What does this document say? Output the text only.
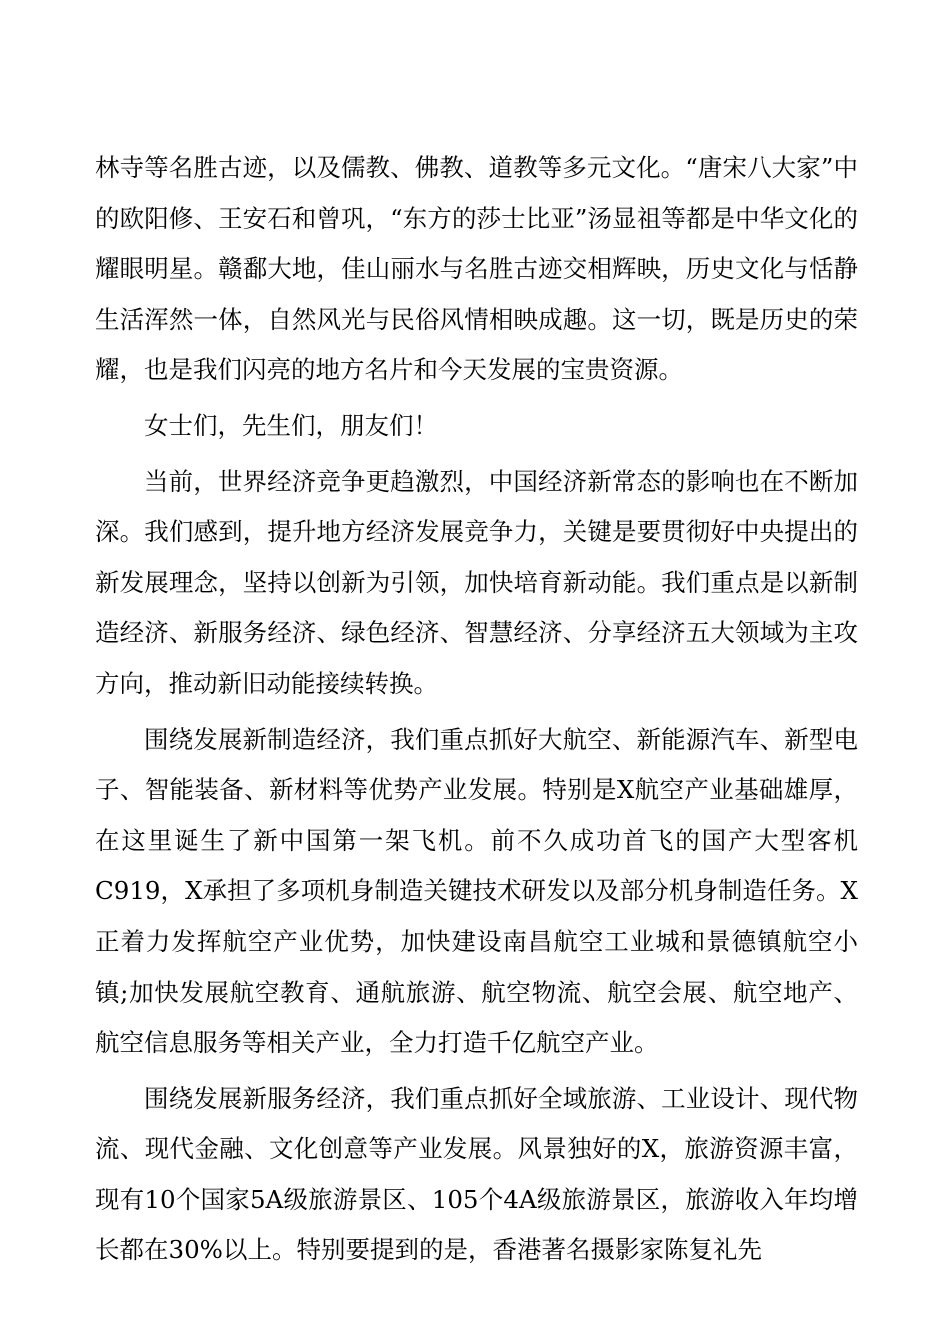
林寺等名胜古迹，以及儒教、佛教、道教等多元文化。“唐宋八大家”中的欧阳修、王安石和曾巩，“东方的莎士比亚”汤显祖等都是中华文化的耀眼明星。赣鄱大地，佳山丽水与名胜古迹交相辉映，历史文化与恬静生活浑然一体，自然风光与民俗风情相映成趣。这一切，既是历史的荣耀，也是我们闪亮的地方名片和今天发展的宝贵资源。

女士们，先生们，朋友们！

当前，世界经济竞争更趋激烈，中国经济新常态的影响也在不断加深。我们感到，提升地方经济发展竞争力，关键是要贯彻好中央提出的新发展理念，坚持以创新为引领，加快培育新动能。我们重点是以新制造经济、新服务经济、绿色经济、智慧经济、分享经济五大领域为主攻方向，推动新旧动能接续转换。

围绕发展新制造经济，我们重点抓好大航空、新能源汽车、新型电子、智能装备、新材料等优势产业发展。特别是X航空产业基础雄厚，在这里诞生了新中国第一架飞机。前不久成功首飞的国产大型客机C919，X承担了多项机身制造关键技术研发以及部分机身制造任务。X正着力发挥航空产业优势，加快建设南昌航空工业城和景德镇航空小镇;加快发展航空教育、通航旅游、航空物流、航空会展、航空地产、航空信息服务等相关产业，全力打造千亿航空产业。

围绕发展新服务经济，我们重点抓好全域旅游、工业设计、现代物流、现代金融、文化创意等产业发展。风景独好的X，旅游资源丰富，现有10个国家5A级旅游景区、105个4A级旅游景区，旅游收入年均增长都在30%以上。特别要提到的是，香港著名摄影家陈复礼先
